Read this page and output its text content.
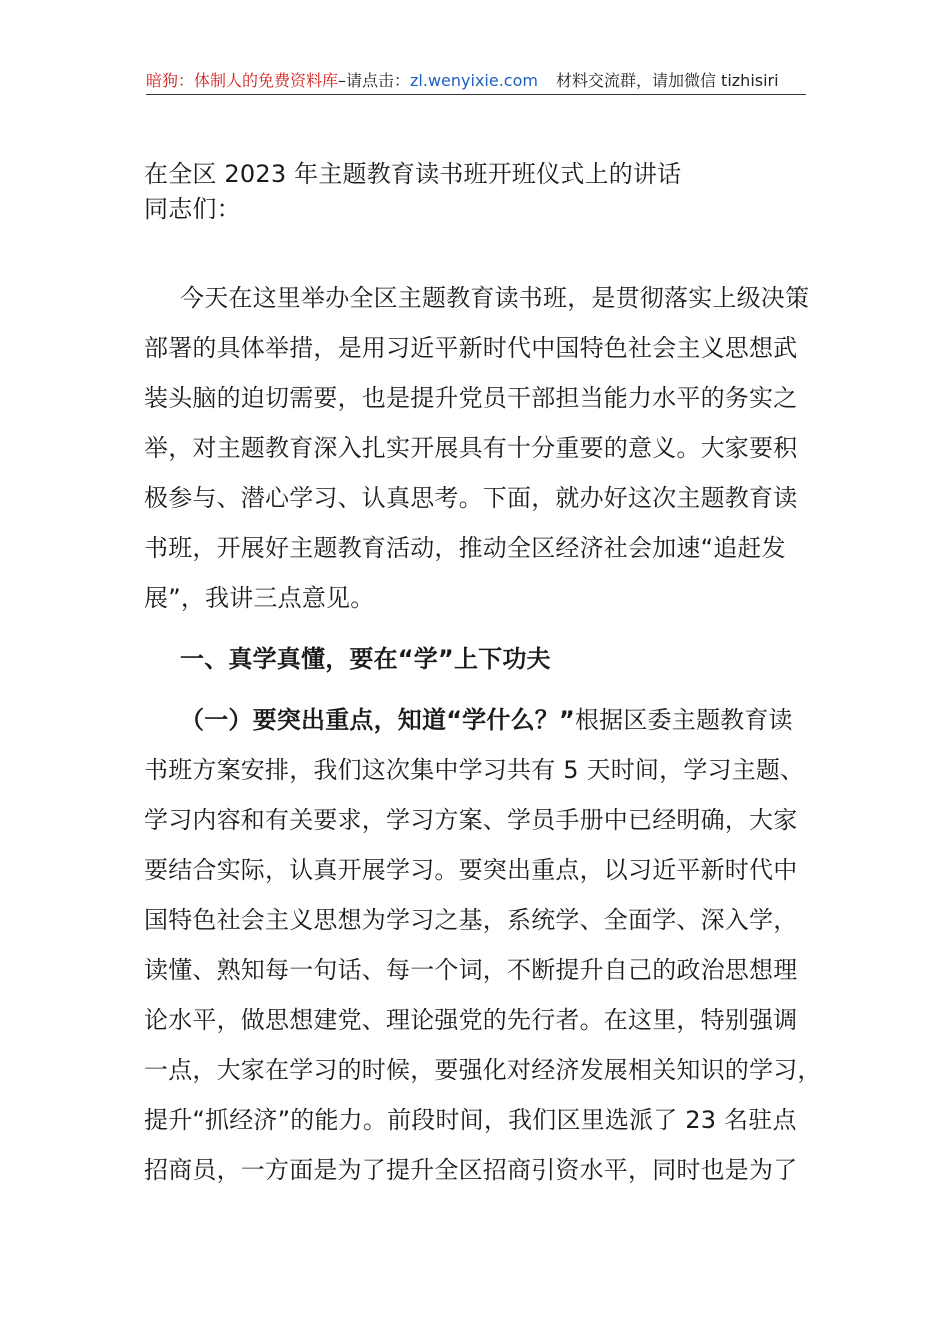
暗狗：体制人的免费资料库–请点击：zl.wenyixie.com 材料交流群，请加微信 tizhisiri
在全区 2023 年主题教育读书班开班仪式上的讲话
同志们：
今天在这里举办全区主题教育读书班，是贯彻落实上级决策
部署的具体举措，是用习近平新时代中国特色社会主义思想武
装头脑的迫切需要，也是提升党员干部担当能力水平的务实之
举，对主题教育深入扎实开展具有十分重要的意义。大家要积
极参与、潜心学习、认真思考。下面，就办好这次主题教育读
书班，开展好主题教育活动，推动全区经济社会加速“追赶发
展”，我讲三点意见。
一、真学真懂，要在“学”上下功夫
（一）要突出重点，知道“学什么？”根据区委主题教育读
书班方案安排，我们这次集中学习共有 5 天时间，学习主题、
学习内容和有关要求，学习方案、学员手册中已经明确，大家
要结合实际，认真开展学习。要突出重点，以习近平新时代中
国特色社会主义思想为学习之基，系统学、全面学、深入学，
读懂、熟知每一句话、每一个词，不断提升自己的政治思想理
论水平，做思想建党、理论强党的先行者。在这里，特别强调
一点，大家在学习的时候，要强化对经济发展相关知识的学习，
提升“抓经济”的能力。前段时间，我们区里选派了 23 名驻点
招商员，一方面是为了提升全区招商引资水平，同时也是为了
